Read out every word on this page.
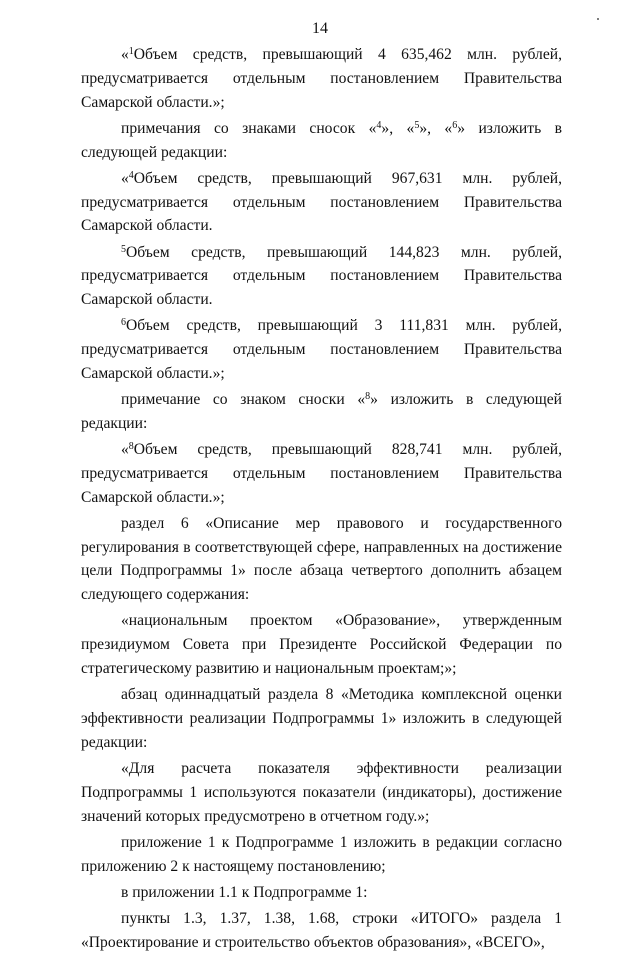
14
«$^1$Объем средств, превышающий 4 635,462 млн. рублей, предусматривается отдельным постановлением Правительства Самарской области.»;
примечания со знаками сносок «$^4$», «$^5$», «$^6$» изложить в следующей редакции:
«$^4$Объем средств, превышающий 967,631 млн. рублей, предусматривается отдельным постановлением Правительства Самарской области.
$^5$Объем средств, превышающий 144,823 млн. рублей, предусматривается отдельным постановлением Правительства Самарской области.
$^6$Объем средств, превышающий 3 111,831 млн. рублей, предусматривается отдельным постановлением Правительства Самарской области.»;
примечание со знаком сноски «$^8$» изложить в следующей редакции:
«$^8$Объем средств, превышающий 828,741 млн. рублей, предусматривается отдельным постановлением Правительства Самарской области.»;
раздел 6 «Описание мер правового и государственного регулирования в соответствующей сфере, направленных на достижение цели Подпрограммы 1» после абзаца четвертого дополнить абзацем следующего содержания:
«национальным проектом «Образование», утвержденным президиумом Совета при Президенте Российской Федерации по стратегическому развитию и национальным проектам;»;
абзац одиннадцатый раздела 8 «Методика комплексной оценки эффективности реализации Подпрограммы 1» изложить в следующей редакции:
«Для расчета показателя эффективности реализации Подпрограммы 1 используются показатели (индикаторы), достижение значений которых предусмотрено в отчетном году.»;
приложение 1 к Подпрограмме 1 изложить в редакции согласно приложению 2 к настоящему постановлению;
в приложении 1.1 к Подпрограмме 1:
пункты 1.3, 1.37, 1.38, 1.68, строки «ИТОГО» раздела 1 «Проектирование и строительство объектов образования», «ВСЕГО»,
